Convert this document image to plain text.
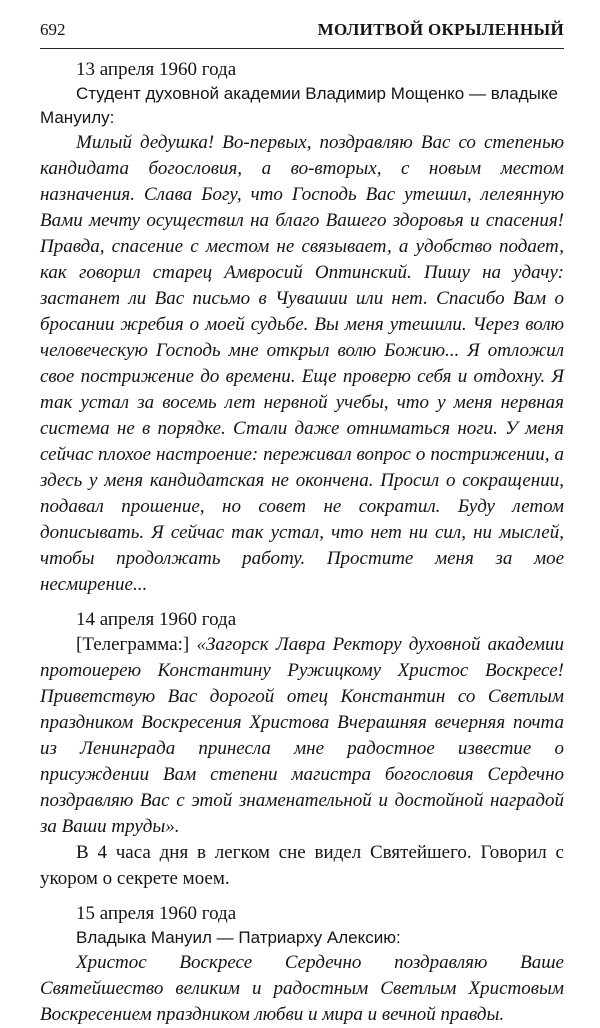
692	МОЛИТВОЙ ОКРЫЛЕННЫЙ

13 апреля 1960 года

Студент духовной академии Владимир Мощенко — владыке Мануилу:

Милый дедушка! Во-первых, поздравляю Вас со степенью кандидата богословия, а во-вторых, с новым местом назначения. Слава Богу, что Господь Вас утешил, лелеянную Вами мечту осуществил на благо Вашего здоровья и спасения! Правда, спасение с местом не связывает, а удобство подает, как говорил старец Амвросий Оптинский. Пишу на удачу: застанет ли Вас письмо в Чувашии или нет. Спасибо Вам о бросании жребия о моей судьбе. Вы меня утешили. Через волю человеческую Господь мне открыл волю Божию... Я отложил свое пострижение до времени. Еще проверю себя и отдохну. Я так устал за восемь лет нервной учебы, что у меня нервная система не в порядке. Стали даже отниматься ноги. У меня сейчас плохое настроение: переживал вопрос о пострижении, а здесь у меня кандидатская не окончена. Просил о сокращении, подавал прошение, но совет не сократил. Буду летом дописывать. Я сейчас так устал, что нет ни сил, ни мыслей, чтобы продолжать работу. Простите меня за мое несмирение...

14 апреля 1960 года

[Телеграмма:] «Загорск Лавра Ректору духовной академии протоиерею Константину Ружицкому Христос Воскресе! Приветствую Вас дорогой отец Константин со Светлым праздником Воскресения Христова Вчерашняя вечерняя почта из Ленинграда принесла мне радостное известие о присуждении Вам степени магистра богословия Сердечно поздравляю Вас с этой знаменательной и достойной наградой за Ваши труды».

В 4 часа дня в легком сне видел Святейшего. Говорил с укором о секрете моем.

15 апреля 1960 года

Владыка Мануил — Патриарху Алексию:

Христос Воскресе Сердечно поздравляю Ваше Святейшество великим и радостным Светлым Христовым Воскресением праздником любви и мира и вечной правды.
